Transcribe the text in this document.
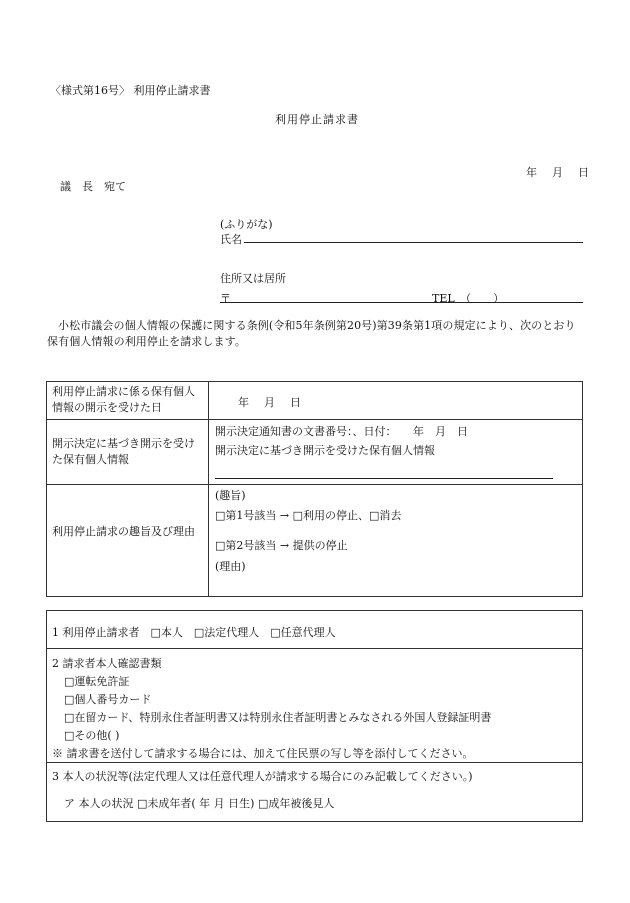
〈様式第16号〉 利用停止請求書
利用停止請求書
年　月　日
議　長　宛て
(ふりがな)
氏名
住所又は居所
〒	TEL　（　　）
小松市議会の個人情報の保護に関する条例(令和5年条例第20号)第39条第1項の規定により、次のとおり保有個人情報の利用停止を請求します。
利用停止請求に係る保有個人情報の開示を受けた日	年　月　日
開示決定に基づき開示を受けた保有個人情報
開示決定通知書の文書番号：、日付：　　年　月　日
開示決定に基づき開示を受けた保有個人情報
利用停止請求の趣旨及び理由
(趣旨)
□第1号該当 → □利用の停止、□消去
□第2号該当 → 提供の停止
(理由)
1 利用停止請求者　□本人　□法定代理人　□任意代理人
2 請求者本人確認書類
□運転免許証
□個人番号カード
□在留カード、特別永住者証明書又は特別永住者証明書とみなされる外国人登録証明書
□その他( )
※ 請求書を送付して請求する場合には、加えて住民票の写し等を添付してください。
3 本人の状況等(法定代理人又は任意代理人が請求する場合にのみ記載してください。)
ア 本人の状況 □未成年者( 年 月 日生) □成年被後見人
